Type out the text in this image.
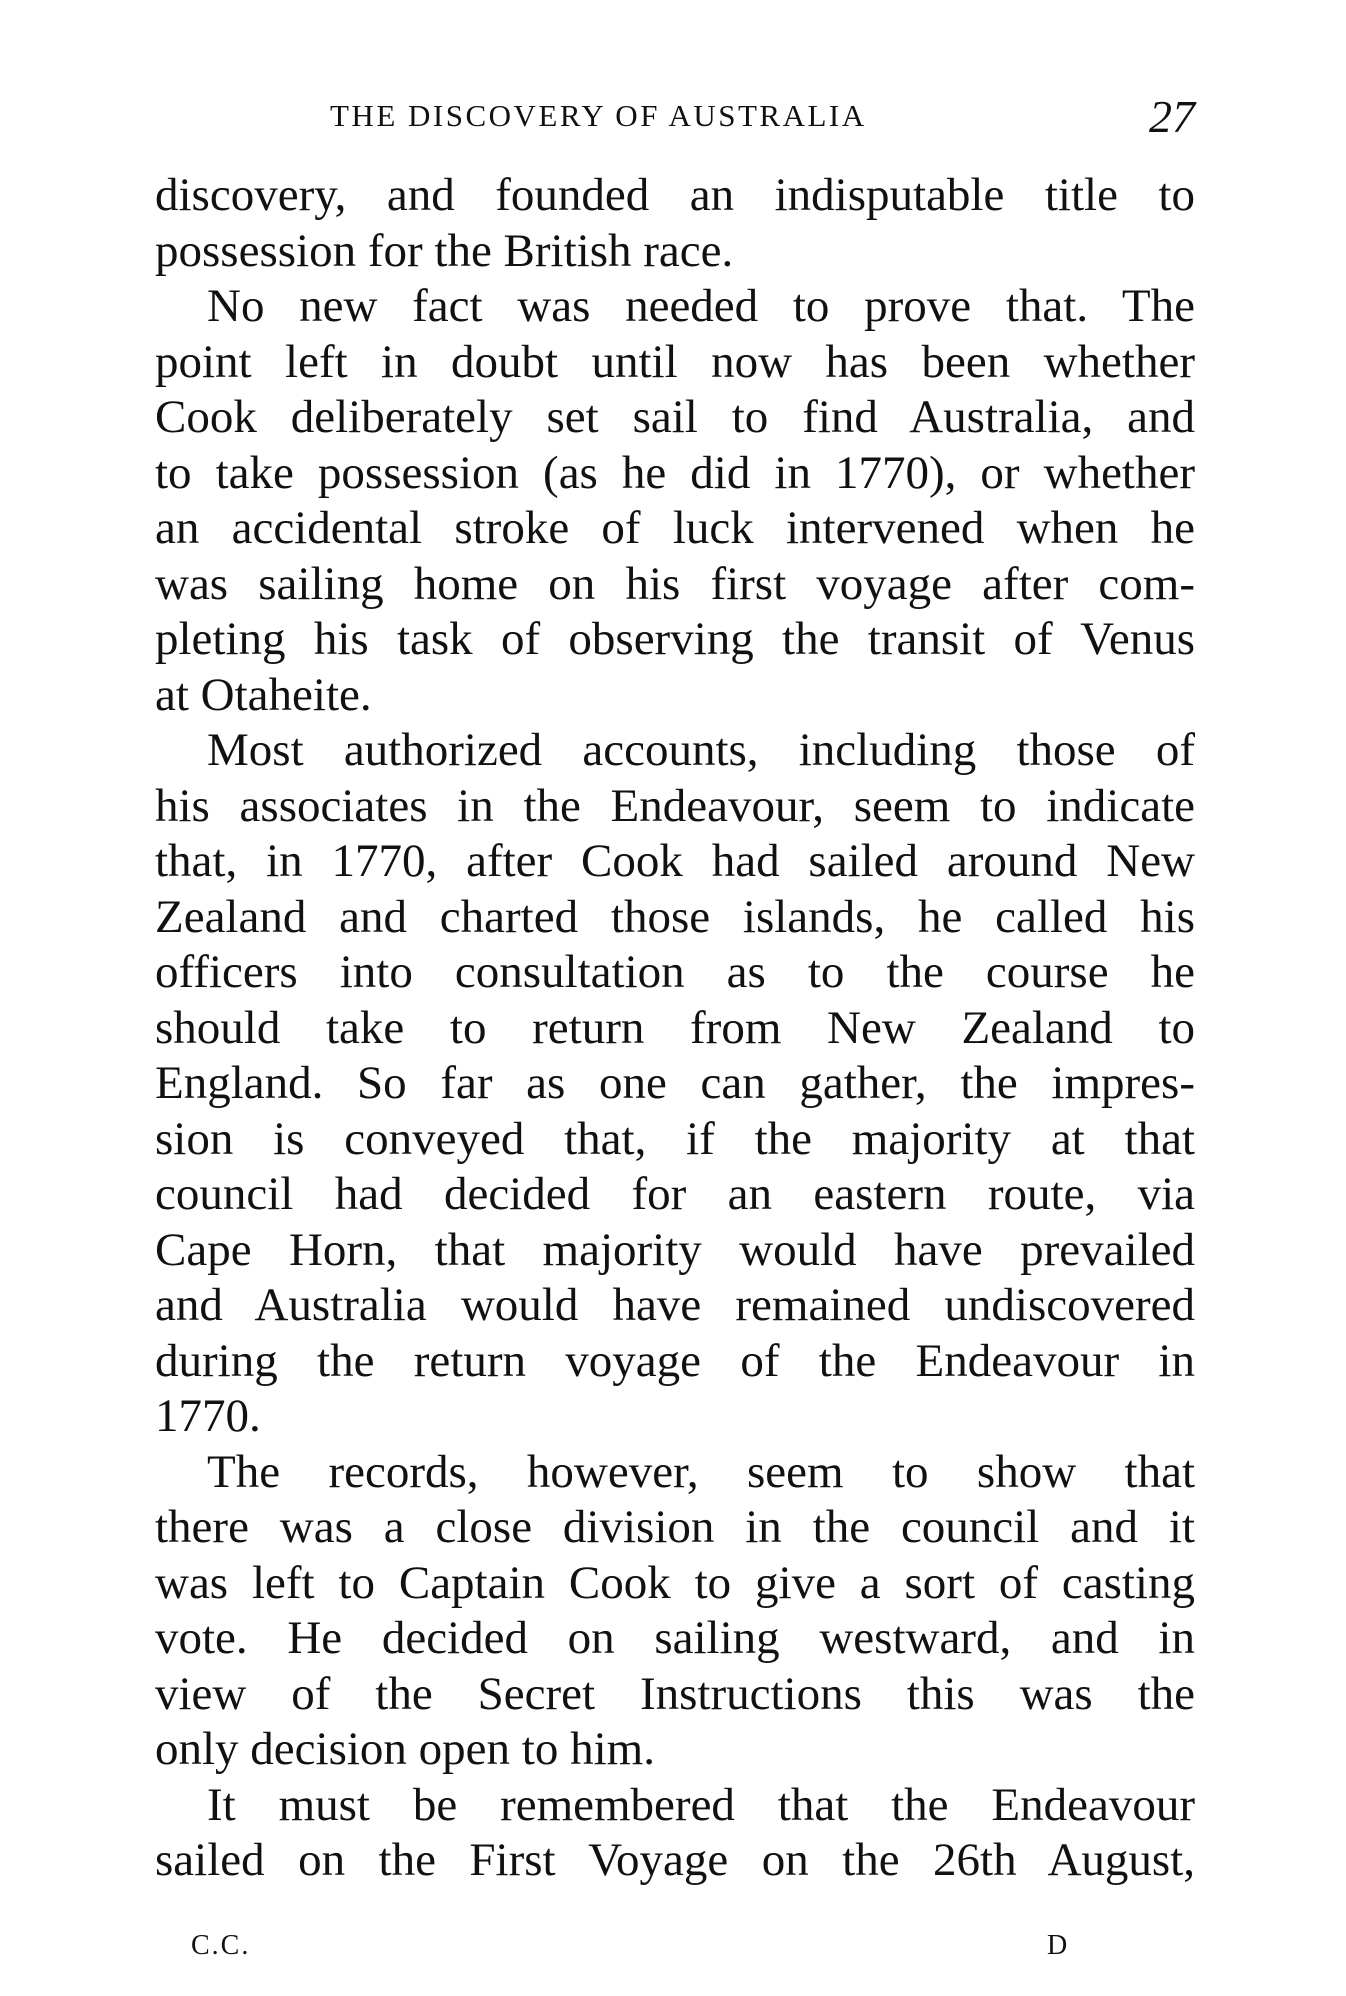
THE DISCOVERY OF AUSTRALIA	27
discovery, and founded an indisputable title to
possession for the British race.
No new fact was needed to prove that. The
point left in doubt until now has been whether
Cook deliberately set sail to find Australia, and
to take possession (as he did in 1770), or whether
an accidental stroke of luck intervened when he
was sailing home on his first voyage after com-
pleting his task of observing the transit of Venus
at Otaheite.
Most authorized accounts, including those of
his associates in the Endeavour, seem to indicate
that, in 1770, after Cook had sailed around New
Zealand and charted those islands, he called his
officers into consultation as to the course he
should take to return from New Zealand to
England. So far as one can gather, the impres-
sion is conveyed that, if the majority at that
council had decided for an eastern route, via
Cape Horn, that majority would have prevailed
and Australia would have remained undiscovered
during the return voyage of the Endeavour in
1770.
The records, however, seem to show that
there was a close division in the council and it
was left to Captain Cook to give a sort of casting
vote. He decided on sailing westward, and in
view of the Secret Instructions this was the
only decision open to him.
It must be remembered that the Endeavour
sailed on the First Voyage on the 26th August,
C.C.	D
